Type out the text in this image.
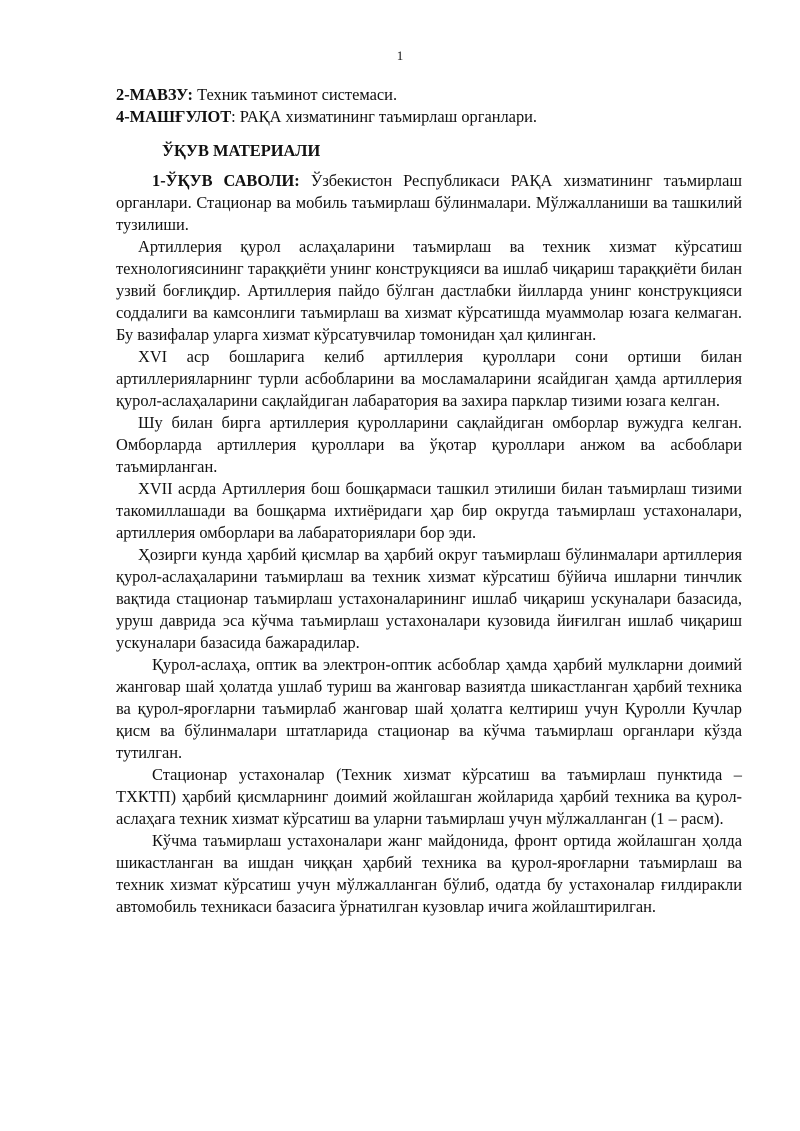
1

2-МАВЗУ: Техник таъминот системаси.

4-МАШҒУЛОТ: РАҚА хизматининг таъмирлаш органлари.

ЎҚУВ МАТЕРИАЛИ

1-ЎҚУВ САВОЛИ: Ўзбекистон Республикаси РАҚА хизматининг таъмирлаш органлари. Стационар ва мобиль таъмирлаш бўлинмалари. Мўлжалланиши ва ташкилий тузилиши.

Артиллерия қурол аслаҳаларини таъмирлаш ва техник хизмат кўрсатиш технологиясининг тараққиёти унинг конструкцияси ва ишлаб чиқариш тараққиёти билан узвий боғлиқдир. Артиллерия пайдо бўлган дастлабки йилларда унинг конструкцияси соддалиги ва камсонлиги таъмирлаш ва хизмат кўрсатишда муаммолар юзага келмаган. Бу вазифалар уларга хизмат кўрсатувчилар томонидан ҳал қилинган.

XVI аср бошларига келиб артиллерия қуроллари сони ортиши билан артиллерияларнинг турли асбобларини ва мосламаларини ясайдиган ҳамда артиллерия қурол-аслаҳаларини сақлайдиган лабаратория ва захира парклар тизими юзага келган.

Шу билан бирга артиллерия қуролларини сақлайдиган омборлар вужудга келган. Омборларда артиллерия қуроллари ва ўқотар қуроллари анжом ва асбоблари таъмирланган.

XVII асрда Артиллерия бош бошқармаси ташкил этилиши билан таъмирлаш тизими такомиллашади ва бошқарма ихтиёридаги ҳар бир округда таъмирлаш устахоналари, артиллерия омборлари ва лабараториялари бор эди.

Ҳозирги кунда ҳарбий қисмлар ва ҳарбий округ таъмирлаш бўлинмалари артиллерия қурол-аслаҳаларини таъмирлаш ва техник хизмат кўрсатиш бўйича ишларни тинчлик вақтида стационар таъмирлаш устахоналарининг ишлаб чиқариш ускуналари базасида, уруш даврида эса кўчма таъмирлаш устахоналари кузовида йиғилган ишлаб чиқариш ускуналари базасида бажарадилар.

Қурол-аслаҳа, оптик ва электрон-оптик асбоблар ҳамда ҳарбий мулкларни доимий жанговар шай ҳолатда ушлаб туриш ва жанговар вазиятда шикастланган ҳарбий техника ва қурол-яроғларни таъмирлаб жанговар шай ҳолатга келтириш учун Қуролли Кучлар қисм ва бўлинмалари штатларида стационар ва кўчма таъмирлаш органлари кўзда тутилган.

Стационар устахоналар (Техник хизмат кўрсатиш ва таъмирлаш пунктида – ТХКТП) ҳарбий қисмларнинг доимий жойлашган жойларида ҳарбий техника ва қурол-аслаҳага техник хизмат кўрсатиш ва уларни таъмирлаш учун мўлжалланган (1 – расм).

Кўчма таъмирлаш устахоналари жанг майдонида, фронт ортида жойлашган ҳолда шикастланган ва ишдан чиққан ҳарбий техника ва қурол-яроғларни таъмирлаш ва техник хизмат кўрсатиш учун мўлжалланган бўлиб, одатда бу устахоналар ғилдиракли автомобиль техникаси базасига ўрнатилган кузовлар ичига жойлаштирилган.
